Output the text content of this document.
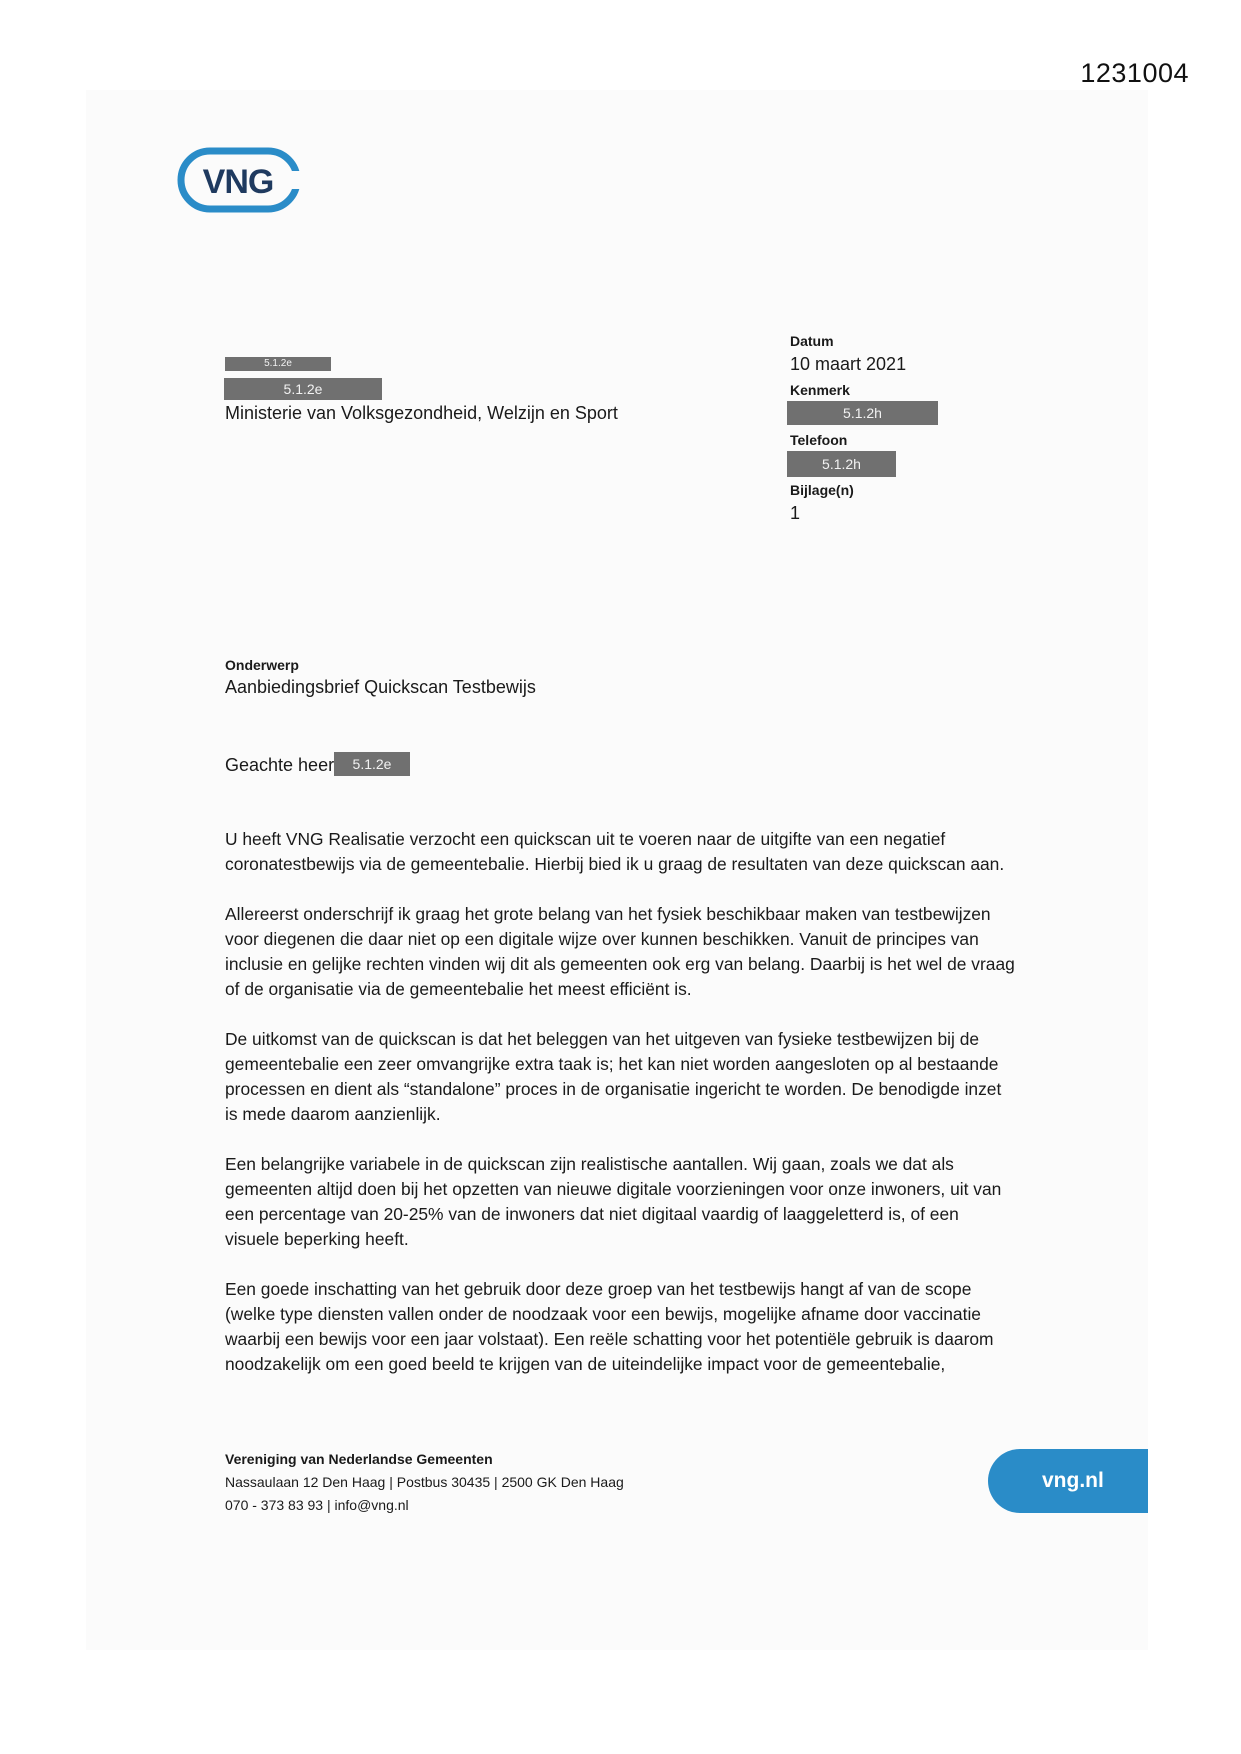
1231004
VNG
5.1.2e
5.1.2e
Ministerie van Volksgezondheid, Welzijn en Sport
Datum
10 maart 2021
Kenmerk
5.1.2h
Telefoon
5.1.2h
Bijlage(n)
1
Onderwerp
Aanbiedingsbrief Quickscan Testbewijs
Geachte heer	5.1.2e

U heeft VNG Realisatie verzocht een quickscan uit te voeren naar de uitgifte van een negatief coronatestbewijs via de gemeentebalie. Hierbij bied ik u graag de resultaten van deze quickscan aan.

Allereerst onderschrijf ik graag het grote belang van het fysiek beschikbaar maken van testbewijzen voor diegenen die daar niet op een digitale wijze over kunnen beschikken. Vanuit de principes van inclusie en gelijke rechten vinden wij dit als gemeenten ook erg van belang. Daarbij is het wel de vraag of de organisatie via de gemeentebalie het meest efficiënt is.

De uitkomst van de quickscan is dat het beleggen van het uitgeven van fysieke testbewijzen bij de gemeentebalie een zeer omvangrijke extra taak is; het kan niet worden aangesloten op al bestaande processen en dient als “standalone” proces in de organisatie ingericht te worden. De benodigde inzet is mede daarom aanzienlijk.

Een belangrijke variabele in de quickscan zijn realistische aantallen. Wij gaan, zoals we dat als gemeenten altijd doen bij het opzetten van nieuwe digitale voorzieningen voor onze inwoners, uit van een percentage van 20-25% van de inwoners dat niet digitaal vaardig of laaggeletterd is, of een visuele beperking heeft.

Een goede inschatting van het gebruik door deze groep van het testbewijs hangt af van de scope (welke type diensten vallen onder de noodzaak voor een bewijs, mogelijke afname door vaccinatie waarbij een bewijs voor een jaar volstaat). Een reële schatting voor het potentiële gebruik is daarom noodzakelijk om een goed beeld te krijgen van de uiteindelijke impact voor de gemeentebalie,

Vereniging van Nederlandse Gemeenten
Nassaulaan 12 Den Haag | Postbus 30435 | 2500 GK Den Haag
070 - 373 83 93 | info@vng.nl
vng.nl
